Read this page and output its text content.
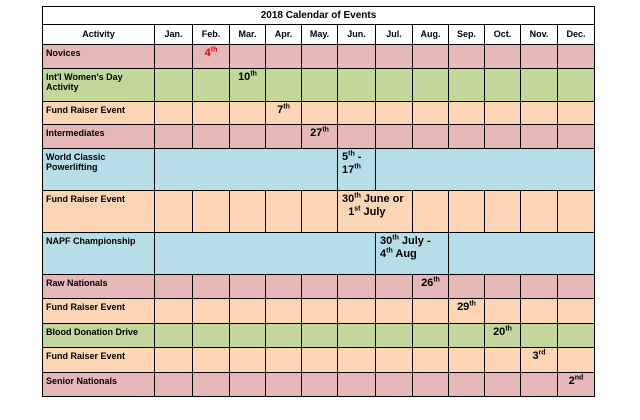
2018 Calendar of Events												
Activity	Jan.	Feb.	Mar.	Apr.	May.	Jun.	Jul.	Aug.	Sep.	Oct.	Nov.	Dec.
Novices		4th										
Int'l Women's Day Activity			10th									
Fund Raiser Event				7th								
Intermediates					27th							
World Classic Powerlifting						5th -
17th	
Fund Raiser Event						30th June or
1st July						
NAPF Championship							30th July -
4th Aug					
Raw Nationals								26th				
Fund Raiser Event									29th			
Blood Donation Drive										20th		
Fund Raiser Event											3rd	
Senior Nationals												2nd
